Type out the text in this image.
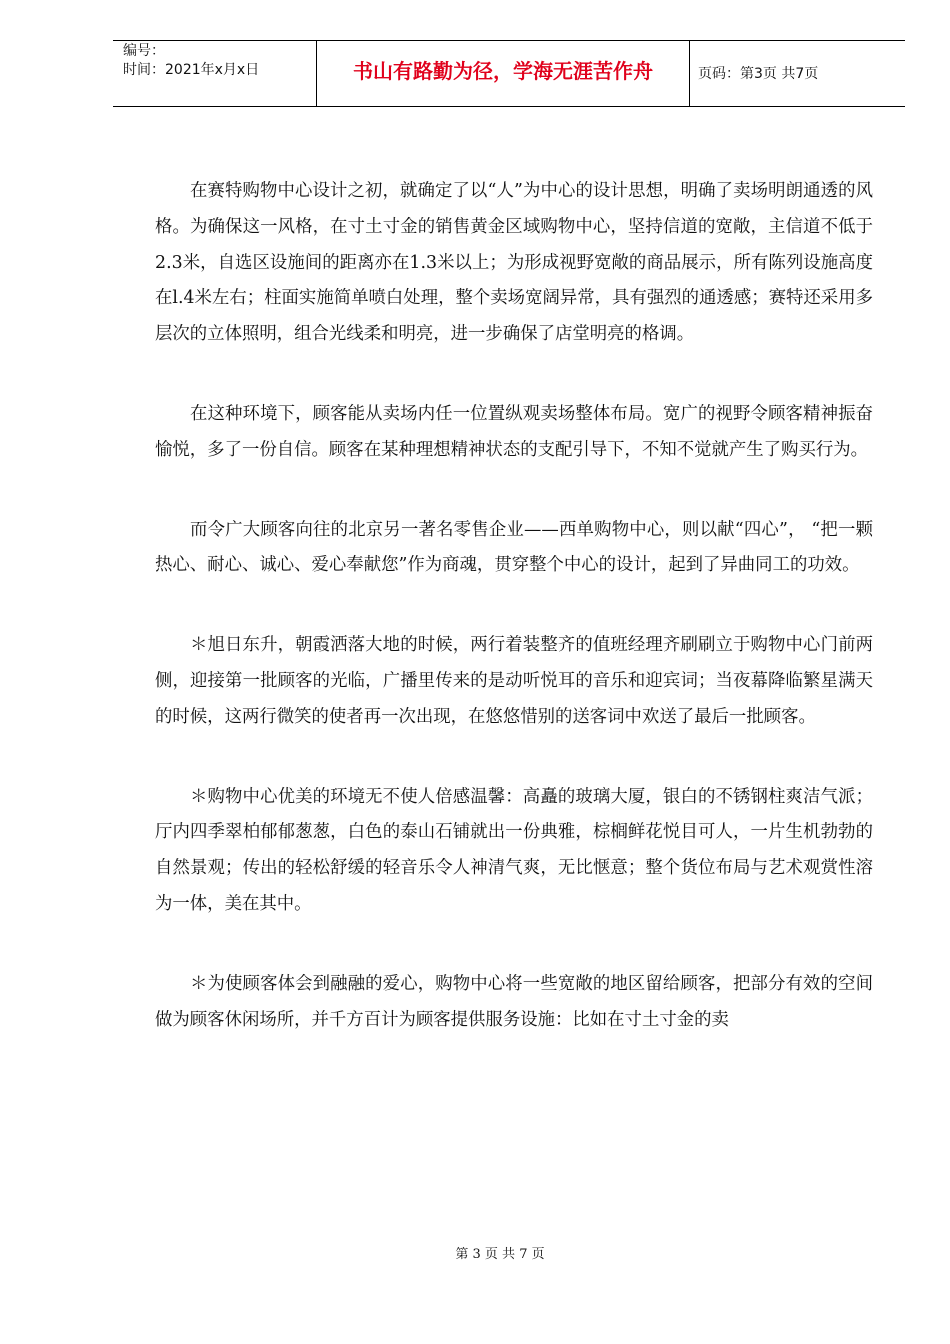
编号：
时间：2021年x月x日	书山有路勤为径，学海无涯苦作舟	页码：第3页 共7页

在赛特购物中心设计之初，就确定了以“人”为中心的设计思想，明确了卖场明朗通透的风格。为确保这一风格，在寸土寸金的销售黄金区域购物中心，坚持信道的宽敞，主信道不低于2.3米，自选区设施间的距离亦在1.3米以上；为形成视野宽敞的商品展示，所有陈列设施高度在l.4米左右；柱面实施简单喷白处理，整个卖场宽阔异常，具有强烈的通透感；赛特还采用多层次的立体照明，组合光线柔和明亮，进一步确保了店堂明亮的格调。

在这种环境下，顾客能从卖场内任一位置纵观卖场整体布局。宽广的视野令顾客精神振奋愉悦，多了一份自信。顾客在某种理想精神状态的支配引导下，不知不觉就产生了购买行为。

而令广大顾客向往的北京另一著名零售企业——西单购物中心，则以献“四心”， “把一颗热心、耐心、诚心、爱心奉献您”作为商魂，贯穿整个中心的设计，起到了异曲同工的功效。

＊旭日东升，朝霞洒落大地的时候，两行着装整齐的值班经理齐刷刷立于购物中心门前两侧，迎接第一批顾客的光临，广播里传来的是动听悦耳的音乐和迎宾词；当夜幕降临繁星满天的时候，这两行微笑的使者再一次出现，在悠悠惜别的送客词中欢送了最后一批顾客。

＊购物中心优美的环境无不使人倍感温馨：高矗的玻璃大厦，银白的不锈钢柱爽洁气派；厅内四季翠柏郁郁葱葱，白色的泰山石铺就出一份典雅，棕榈鲜花悦目可人，一片生机勃勃的自然景观；传出的轻松舒缓的轻音乐令人神清气爽，无比惬意；整个货位布局与艺术观赏性溶为一体，美在其中。

＊为使顾客体会到融融的爱心，购物中心将一些宽敞的地区留给顾客，把部分有效的空间做为顾客休闲场所，并千方百计为顾客提供服务设施：比如在寸土寸金的卖

第 3 页 共 7 页
